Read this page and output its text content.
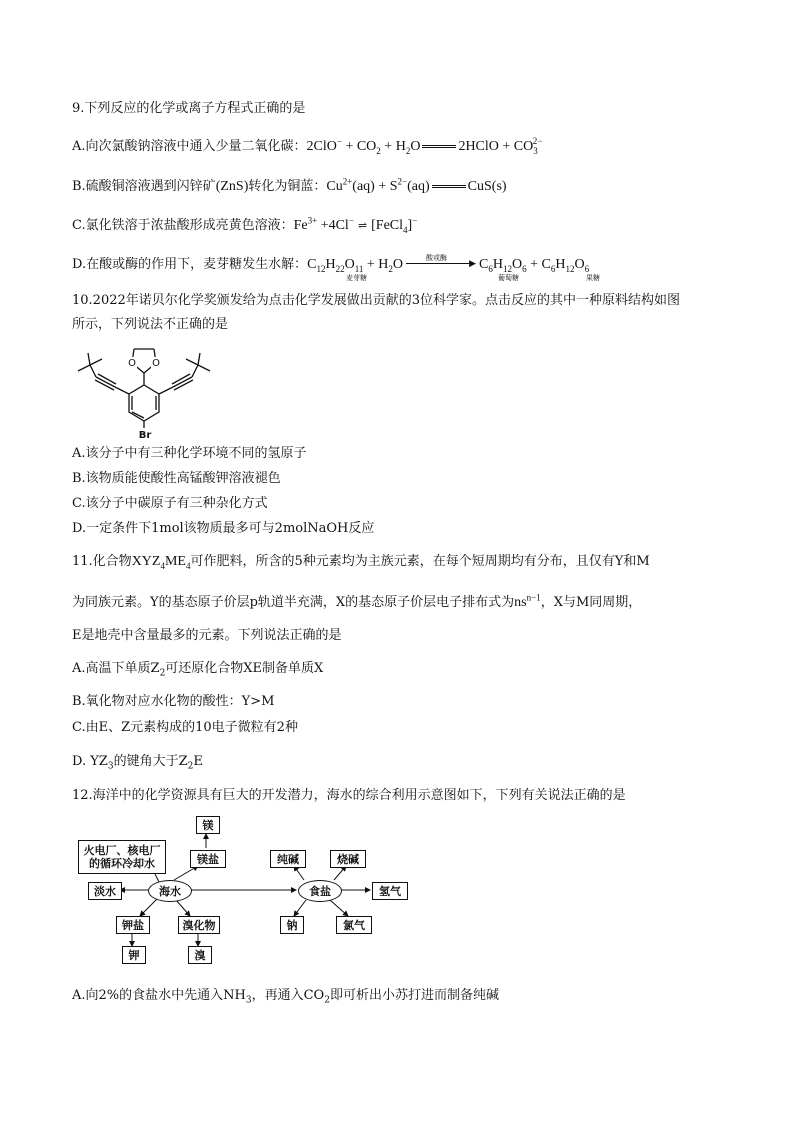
9.下列反应的化学或离子方程式正确的是
A.向次氯酸钠溶液中通入少量二氧化碳：$2ClO^- + CO_2 + H_2O$	2HClO + $CO_3^{2-}$
B.硫酸铜溶液遇到闪锌矿(ZnS)转化为铜蓝：$Cu^{2+}(aq) + S^{2-}(aq)$	CuS(s)
C.氯化铁溶于浓盐酸形成亮黄色溶液：$Fe^{3+} +4Cl^-$ ⇌ [FeCl$_4$]−
D.在酸或酶的作用下，麦芽糖发生水解：$C_{12}H_{22}O_{11} + H_2O$	酸或酶 ▶ $C_6H_{12}O_6 + C_6H_{12}O_6$
麦芽糖	葡萄糖	果糖
10.2022年诺贝尔化学奖颁发给为点击化学发展做出贡献的3位科学家。点击反应的其中一种原料结构如图
所示，下列说法不正确的是
O O
Br
A.该分子中有三种化学环境不同的氢原子
B.该物质能使酸性高锰酸钾溶液褪色
C.该分子中碳原子有三种杂化方式
D.一定条件下1mol该物质最多可与2molNaOH反应
11.化合物$XYZ_4ME_4$可作肥料，所含的5种元素均为主族元素，在每个短周期均有分布，且仅有Y和M
为同族元素。Y的基态原子价层p轨道半充满，X的基态原子价层电子排布式为$ns^{n-1}$，X与M同周期，
E是地壳中含量最多的元素。下列说法正确的是
A.高温下单质$Z_2$可还原化合物XE制备单质X
B.氧化物对应水化物的酸性：Y>M
C.由E、Z元素构成的10电子微粒有2种
D. $YZ_3$的键角大于$Z_2E$
12.海洋中的化学资源具有巨大的开发潜力，海水的综合利用示意图如下，下列有关说法正确的是
火电厂、核电厂的循环冷却水
镁
镁盐
海水
淡水
钾盐
钾
溴化物
溴
纯碱	烧碱
食盐	氢气
钠	氯气
A.向2%的食盐水中先通入$NH_3$，再通入$CO_2$即可析出小苏打进而制备纯碱
